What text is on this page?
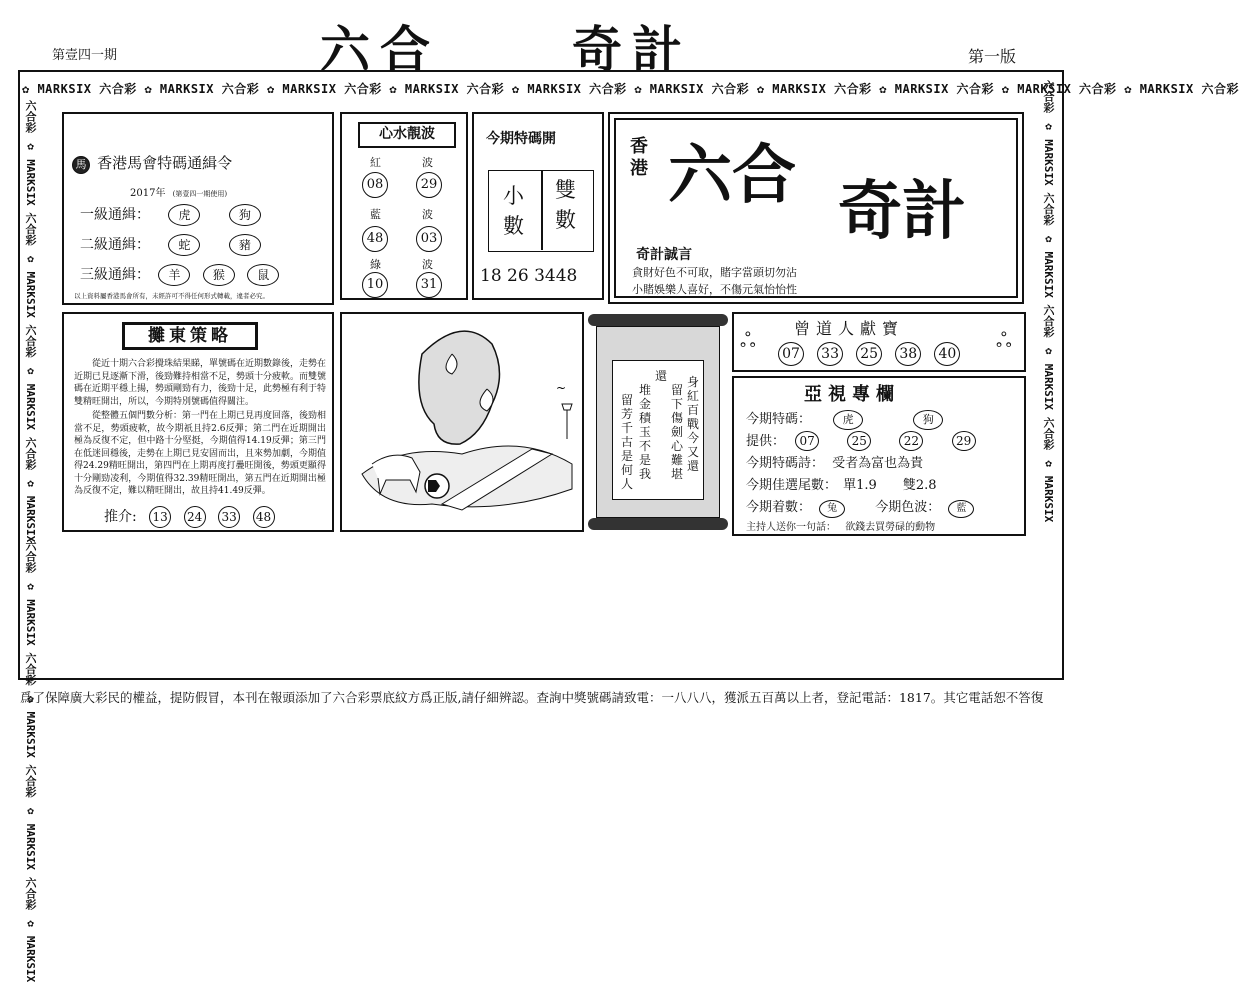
第壹四一期	六合	奇計	第一版
✿ MARKSIX 六合彩 ✿ MARKSIX 六合彩 ✿ MARKSIX 六合彩 ✿ MARKSIX 六合彩 ✿ MARKSIX 六合彩 ✿ MARKSIX 六合彩 ✿ MARKSIX 六合彩 ✿ MARKSIX 六合彩 ✿ MARKSIX 六合彩 ✿ MARKSIX 六合彩
六合彩 ✿ MARKSIX 六合彩 ✿ MARKSIX 六合彩 ✿ MARKSIX 六合彩 ✿ MARKSIX
六合彩 ✿ MARKSIX 六合彩 ✿ MARKSIX 六合彩 ✿ MARKSIX 六合彩 ✿ MARKSIX
六合彩 ✿ MARKSIX 六合彩 ✿ MARKSIX 六合彩 ✿ MARKSIX 六合彩 ✿ MARKSIX
馬 香港馬會特碼通緝令
2017年 (第壹四一期使用)
一級通緝： 虎	狗
二級通緝： 蛇	豬
三級通緝： 羊	猴	鼠
以上資料屬香港馬會所有，未經許可不得任何形式轉載，違者必究。
心水靚波
紅	波
08	29
藍	波
48	03
綠	波
10	31
今期特碼開
小數
雙數
18 26 3448
香港 六合 奇計
奇計誠言
貪財好色不可取，賭字當頭切勿沾
小賭娛樂人喜好，不傷元氣怡怡性
攤東策略
從近十期六合彩攪珠結果睇，單號碼在近期數錄後，走勢在近期已見逐漸下滑，後勁難持相當不足，勢頭十分疲軟。而雙號碼在近期平穩上揚，勢頭剛勁有力，後勁十足，此勢極有利于特雙精旺開出，所以，今期特別號碼值得關注。
從整體五個門數分析：第一門在上期已見再度回落，後勁相當不足，勢頭疲軟，故今期祇且持2.6反彈；第二門在近期開出極為反復不定，但中路十分堅挺，今期值得14.19反彈；第三門在低迷回穩後，走勢在上期已見安固而出，且來勢加劇，今期值得24.29精旺開出，第四門在上期再度打疊旺開後，勢頭更顯得十分剛勁凌利，今期值得32.39精旺開出，第五門在近期開出極為反復不定，難以精旺開出，故且持41.49反彈。
推介: 13 24 33 48
~
還 身紅百戰今又還
留下傷劍心難堪
堆金積玉不是我
留芳千古是何人
ஃ 曾道人獻寶	ஃ
07 33 25 38 40
亞視專欄
今期特碼：	虎	狗
提供： 07	25	22	29
今期特碼詩： 受者為富也為貴
今期佳選尾數： 單1.9　　雙2.8
今期着數： 兔	今期色波： 藍
主持人送你一句話： 欲錢去買勞碌的動物
爲了保障廣大彩民的權益，提防假冒，本刊在報頭添加了六合彩票底紋方爲正版,請仔細辨認。查詢中獎號碼請致電：一八八八，獲派五百萬以上者，登記電話：1817。其它電話恕不答復
